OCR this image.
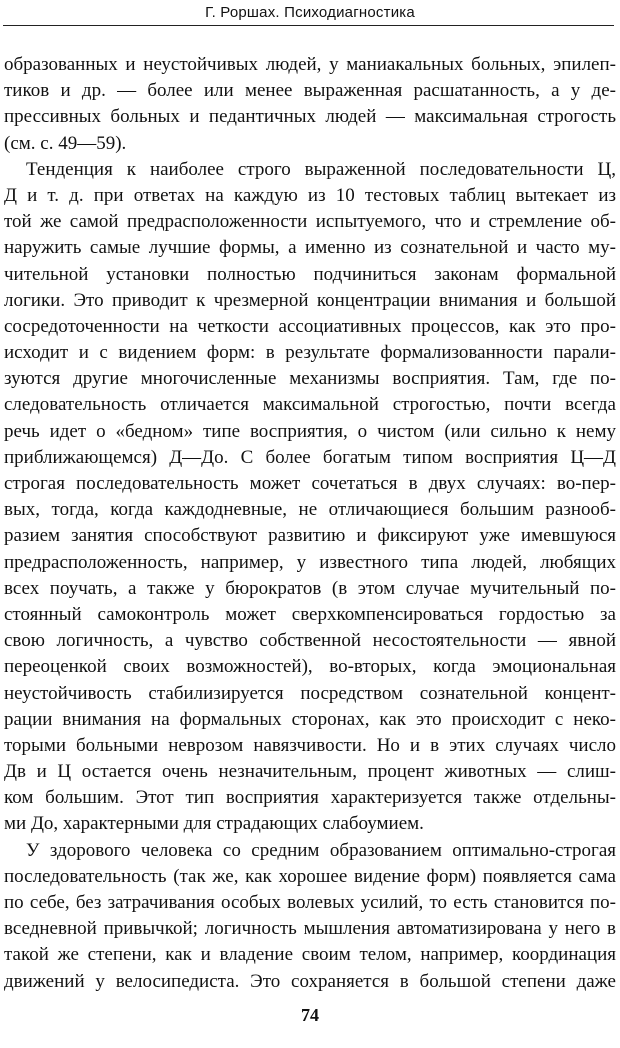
Г. Роршах. Психодиагностика
образованных и неустойчивых людей, у маниакальных больных, эпилеп-
тиков и др. — более или менее выраженная расшатанность, а у де-
прессивных больных и педантичных людей — максимальная строгость
(см. с. 49—59).
Тенденция к наиболее строго выраженной последовательности Ц,
Д и т. д. при ответах на каждую из 10 тестовых таблиц вытекает из
той же самой предрасположенности испытуемого, что и стремление об-
наружить самые лучшие формы, а именно из сознательной и часто му-
чительной установки полностью подчиниться законам формальной
логики. Это приводит к чрезмерной концентрации внимания и большой
сосредоточенности на четкости ассоциативных процессов, как это про-
исходит и с видением форм: в результате формализованности парали-
зуются другие многочисленные механизмы восприятия. Там, где по-
следовательность отличается максимальной строгостью, почти всегда
речь идет о «бедном» типе восприятия, о чистом (или сильно к нему
приближающемся) Д—До. С более богатым типом восприятия Ц—Д
строгая последовательность может сочетаться в двух случаях: во-пер-
вых, тогда, когда каждодневные, не отличающиеся большим разнооб-
разием занятия способствуют развитию и фиксируют уже имевшуюся
предрасположенность, например, у известного типа людей, любящих
всех поучать, а также у бюрократов (в этом случае мучительный по-
стоянный самоконтроль может сверхкомпенсироваться гордостью за
свою логичность, а чувство собственной несостоятельности — явной
переоценкой своих возможностей), во-вторых, когда эмоциональная
неустойчивость стабилизируется посредством сознательной концент-
рации внимания на формальных сторонах, как это происходит с неко-
торыми больными неврозом навязчивости. Но и в этих случаях число
Дв и Ц остается очень незначительным, процент животных — слиш-
ком большим. Этот тип восприятия характеризуется также отдельны-
ми До, характерными для страдающих слабоумием.
У здорового человека со средним образованием оптимально-строгая
последовательность (так же, как хорошее видение форм) появляется сама
по себе, без затрачивания особых волевых усилий, то есть становится по-
вседневной привычкой; логичность мышления автоматизирована у него в
такой же степени, как и владение своим телом, например, координация
движений у велосипедиста. Это сохраняется в большой степени даже
74
